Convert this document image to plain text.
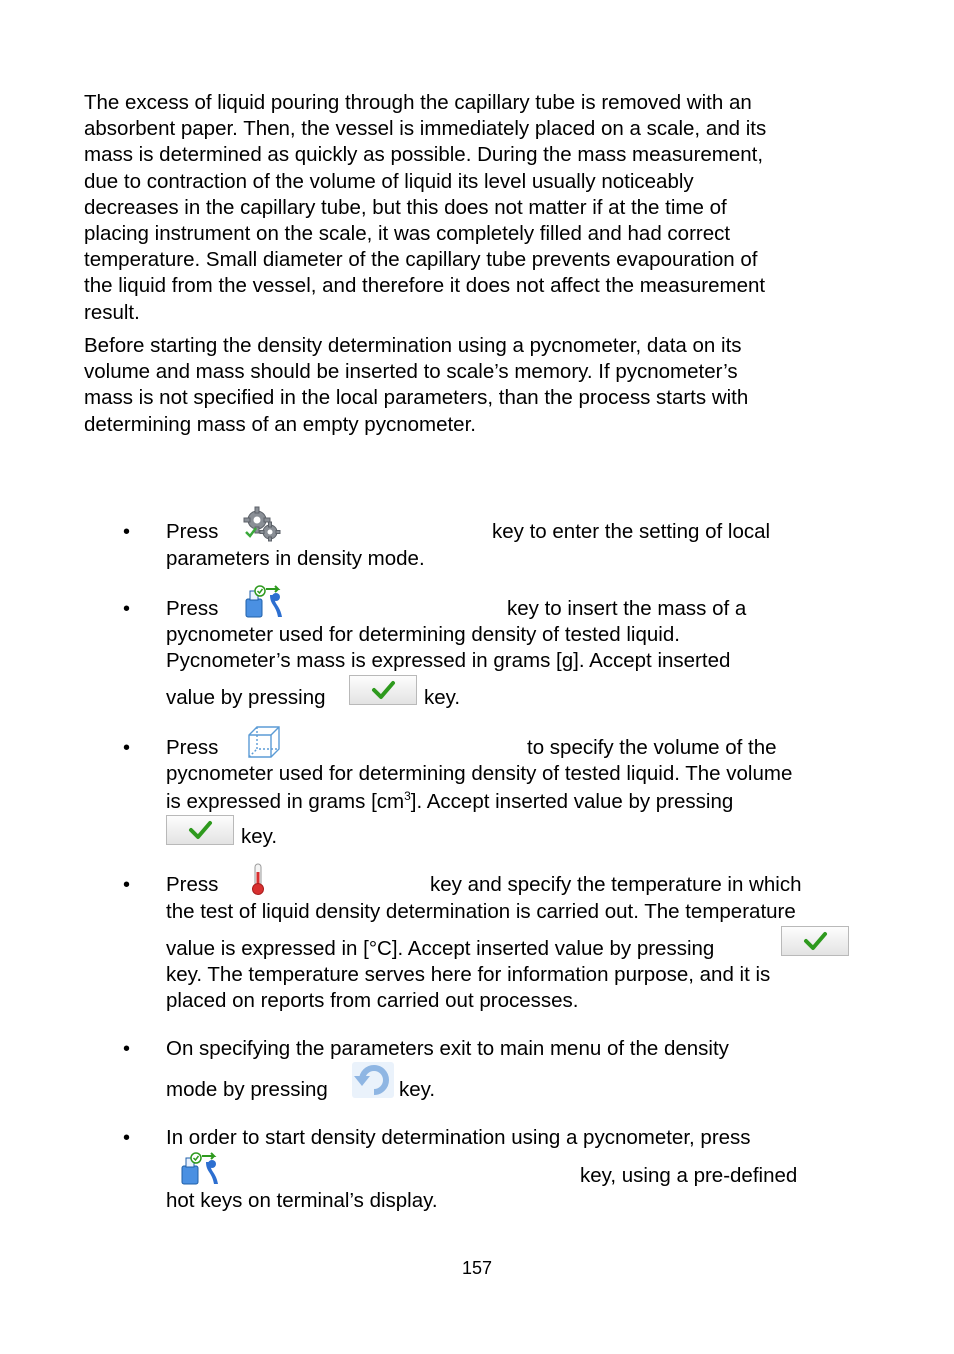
The excess of liquid pouring through the capillary tube is removed with an
absorbent paper. Then, the vessel is immediately placed on a scale, and its
mass is determined as quickly as possible. During the mass measurement,
due to contraction of the volume of liquid its level usually noticeably
decreases in the capillary tube, but this does not matter if at the time of
placing instrument on the scale, it was completely filled and had correct
temperature. Small diameter of the capillary tube prevents evapouration of
the liquid from the vessel, and therefore it does not affect the measurement
result.
Before starting the density determination using a pycnometer, data on its
volume and mass should be inserted to scale’s memory. If pycnometer’s
mass is not specified in the local parameters, than the process starts with
determining mass of an empty pycnometer.
• Press	key to enter the setting of local
parameters in density mode.
• Press	key to insert the mass of a
pycnometer used for determining density of tested liquid.
Pycnometer’s mass is expressed in grams [g]. Accept inserted
value by pressing	key.
• Press	to specify the volume of the
pycnometer used for determining density of tested liquid. The volume
is expressed in grams $[cm^3]$. Accept inserted value by pressing
key.
• Press	key and specify the temperature in which
the test of liquid density determination is carried out. The temperature
value is expressed in [°C]. Accept inserted value by pressing
key. The temperature serves here for information purpose, and it is
placed on reports from carried out processes.
• On specifying the parameters exit to main menu of the density
mode by pressing	key.
• In order to start density determination using a pycnometer, press
key, using a pre-defined
hot keys on terminal’s display.
157
